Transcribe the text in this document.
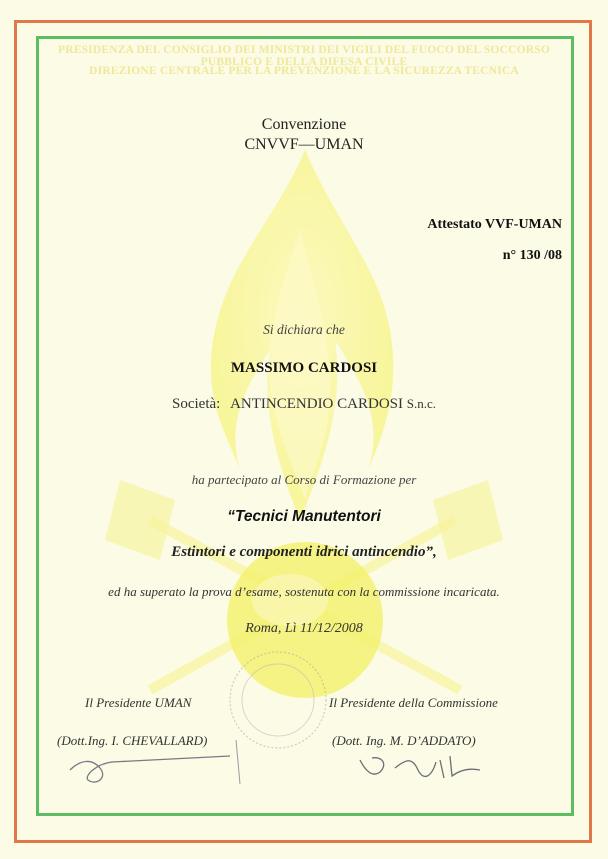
PRESIDENZA DEL CONSIGLIO DEI MINISTRI DEI VIGILI DEL FUOCO DEL SOCCORSO PUBBLICO E DELLA DIFESA CIVILE
DIREZIONE CENTRALE PER LA PREVENZIONE E LA SICUREZZA TECNICA
Convenzione
CNVVF—UMAN
Attestato VVF-UMAN
n° 130 /08
Si dichiara che
MASSIMO CARDOSI
Società: ANTINCENDIO CARDOSI S.n.c.
ha partecipato al Corso di Formazione per
“Tecnici Manutentori
Estintori e componenti idrici antincendio”,
ed ha superato la prova d’esame, sostenuta con la commissione incaricata.
Roma, Lì 11/12/2008
Il Presidente UMAN	Il Presidente della Commissione
(Dott.Ing. I. CHEVALLARD)	(Dott. Ing. M. D’ADDATO)
